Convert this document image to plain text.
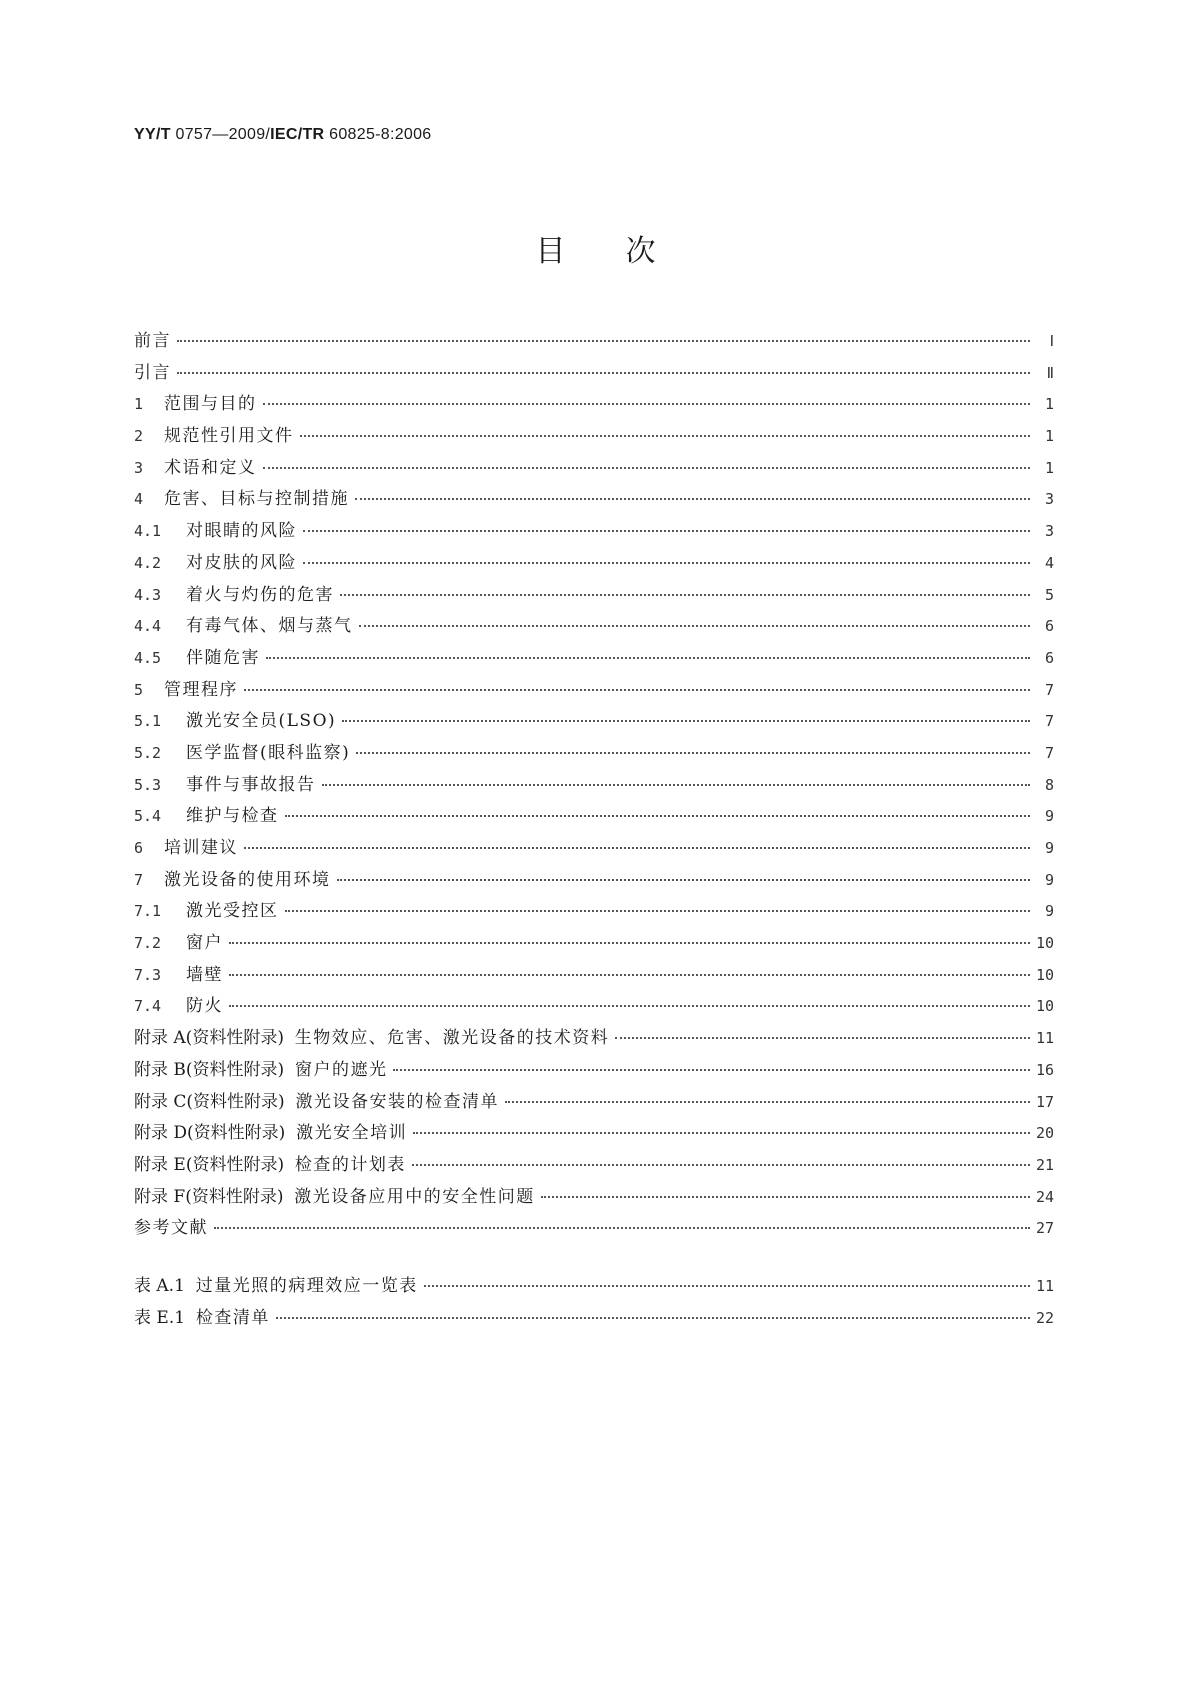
YY/T 0757—2009/IEC/TR 60825-8:2006
目次
前言	Ⅰ
引言	Ⅱ
1	范围与目的	1
2	规范性引用文件	1
3	术语和定义	1
4	危害、目标与控制措施	3
4.1	对眼睛的风险	3
4.2	对皮肤的风险	4
4.3	着火与灼伤的危害	5
4.4	有毒气体、烟与蒸气	6
4.5	伴随危害	6
5	管理程序	7
5.1	激光安全员(LSO)	7
5.2	医学监督(眼科监察)	7
5.3	事件与事故报告	8
5.4	维护与检查	9
6	培训建议	9
7	激光设备的使用环境	9
7.1	激光受控区	9
7.2	窗户	10
7.3	墙壁	10
7.4	防火	10
附录 A(资料性附录) 生物效应、危害、激光设备的技术资料	11
附录 B(资料性附录) 窗户的遮光	16
附录 C(资料性附录) 激光设备安装的检查清单	17
附录 D(资料性附录) 激光安全培训	20
附录 E(资料性附录) 检查的计划表	21
附录 F(资料性附录) 激光设备应用中的安全性问题	24
参考文献	27
表 A.1 过量光照的病理效应一览表	11
表 E.1 检查清单	22
